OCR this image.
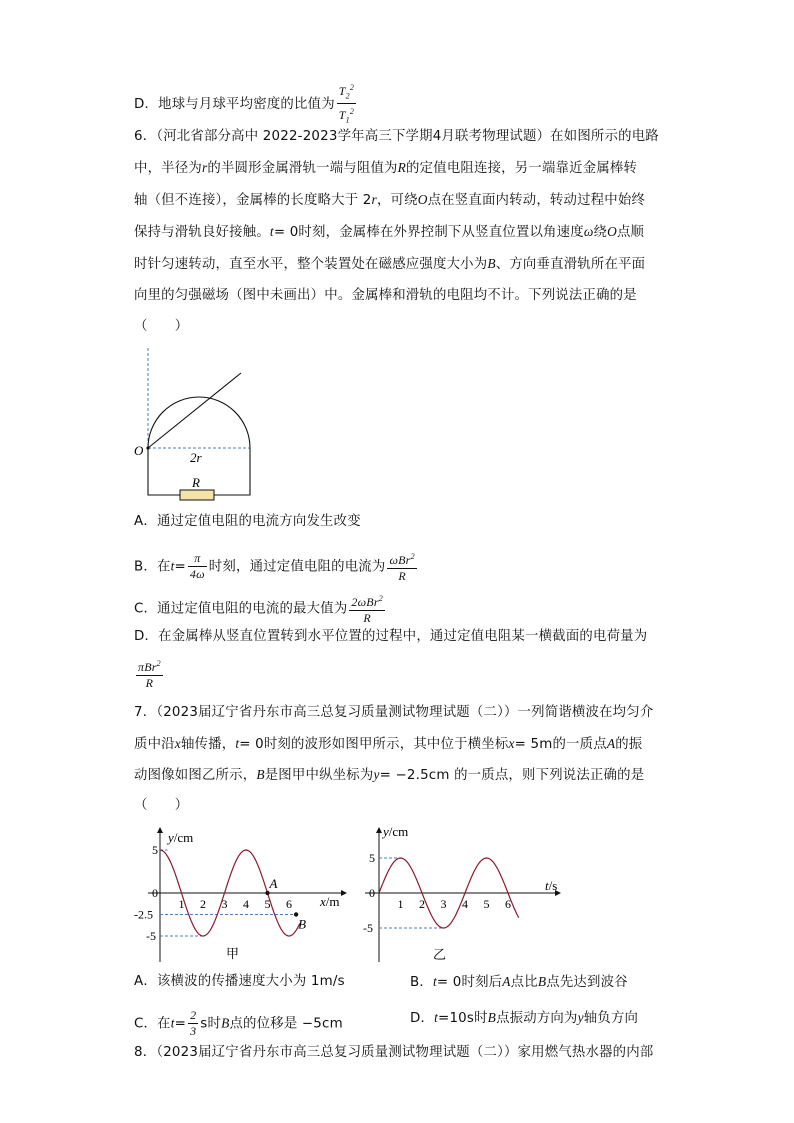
D．地球与月球平均密度的比值为 $\frac{T_2^2}{T_1^2}$
6．（河北省部分高中 2022-2023学年高三下学期4月联考物理试题）在如图所示的电路
中，半径为r的半圆形金属滑轨一端与阻值为R的定值电阻连接，另一端靠近金属棒转
轴（但不连接），金属棒的长度略大于 2r，可绕O点在竖直面内转动，转动过程中始终
保持与滑轨良好接触。t= 0时刻，金属棒在外界控制下从竖直位置以角速度ω绕O点顺
时针匀速转动，直至水平，整个装置处在磁感应强度大小为B、方向垂直滑轨所在平面
向里的匀强磁场（图中未画出）中。金属棒和滑轨的电阻均不计。下列说法正确的是
（　　）
O	2r
R
A．通过定值电阻的电流方向发生改变
B．在$t= \frac{\pi}{4\omega}$ 时刻，通过定值电阻的电流为 $\frac{\omega Br^2}{R}$
C．通过定值电阻的电流的最大值为 $\frac{2\omega Br^2}{R}$
D．在金属棒从竖直位置转到水平位置的过程中，通过定值电阻某一横截面的电荷量为
$\frac{\pi Br^2}{R}$
7．（2023届辽宁省丹东市高三总复习质量测试物理试题（二））一列简谐横波在均匀介
质中沿x轴传播，t= 0时刻的波形如图甲所示，其中位于横坐标x= 5m的一质点A的振
动图像如图乙所示，B是图甲中纵坐标为y= −2.5cm 的一质点，则下列说法正确的是
（　　）
y/cm
x/m
甲
1 2 3 4 5 6
5
0
-2.5
-5
A
B
y/cm
t/s
乙
1 2 3 4 5 6
5
0
-5
A．该横波的传播速度大小为 1m/s	B．t= 0时刻后A点比B点先达到波谷
C．在$t= \frac{2}{3}$ s时B点的位移是 −5cm	D．t=10s时B点振动方向为y轴负方向
8．（2023届辽宁省丹东市高三总复习质量测试物理试题（二））家用燃气热水器的内部
